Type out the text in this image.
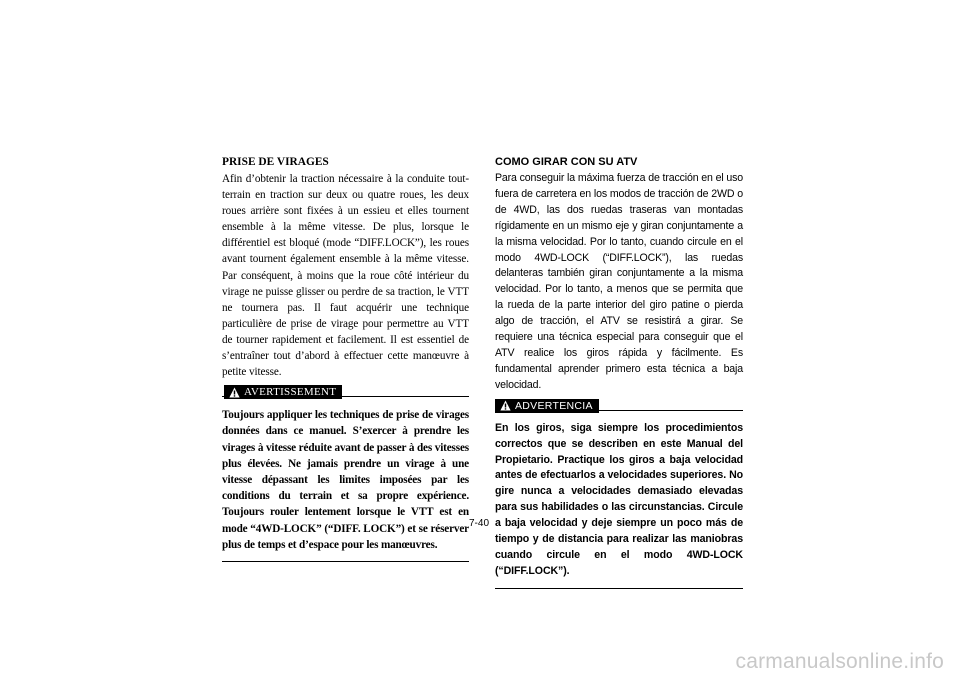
PRISE DE VIRAGES

Afin d’obtenir la traction nécessaire à la conduite tout-terrain en traction sur deux ou quatre roues, les deux roues arrière sont fixées à un essieu et elles tournent ensemble à la même vitesse. De plus, lorsque le différentiel est bloqué (mode “DIFF.LOCK”), les roues avant tournent également ensemble à la même vitesse. Par conséquent, à moins que la roue côté intérieur du virage ne puisse glisser ou perdre de sa traction, le VTT ne tournera pas. Il faut acquérir une technique particulière de prise de virage pour permettre au VTT de tourner rapidement et facilement. Il est essentiel de s’entraîner tout d’abord à effectuer cette manœuvre à petite vitesse.

AVERTISSEMENT

Toujours appliquer les techniques de prise de virages données dans ce manuel. S’exercer à prendre les virages à vitesse réduite avant de passer à des vitesses plus élevées. Ne jamais prendre un virage à une vitesse dépassant les limites imposées par les conditions du terrain et sa propre expérience. Toujours rouler lentement lorsque le VTT est en mode “4WD-LOCK” (“DIFF. LOCK”) et se réserver plus de temps et d’espace pour les manœuvres.

COMO GIRAR CON SU ATV

Para conseguir la máxima fuerza de tracción en el uso fuera de carretera en los modos de tracción de 2WD o de 4WD, las dos ruedas traseras van montadas rígidamente en un mismo eje y giran conjuntamente a la misma velocidad. Por lo tanto, cuando circule en el modo 4WD-LOCK (“DIFF.LOCK”), las ruedas delanteras también giran conjuntamente a la misma velocidad. Por lo tanto, a menos que se permita que la rueda de la parte interior del giro patine o pierda algo de tracción, el ATV se resistirá a girar. Se requiere una técnica especial para conseguir que el ATV realice los giros rápida y fácilmente. Es fundamental aprender primero esta técnica a baja velocidad.

ADVERTENCIA

En los giros, siga siempre los procedimientos correctos que se describen en este Manual del Propietario. Practique los giros a baja velocidad antes de efectuarlos a velocidades superiores. No gire nunca a velocidades demasiado elevadas para sus habilidades o las circunstancias. Circule a baja velocidad y deje siempre un poco más de tiempo y de distancia para realizar las maniobras cuando circule en el modo 4WD-LOCK (“DIFF.LOCK”).

7-40
carmanualsonline.info
